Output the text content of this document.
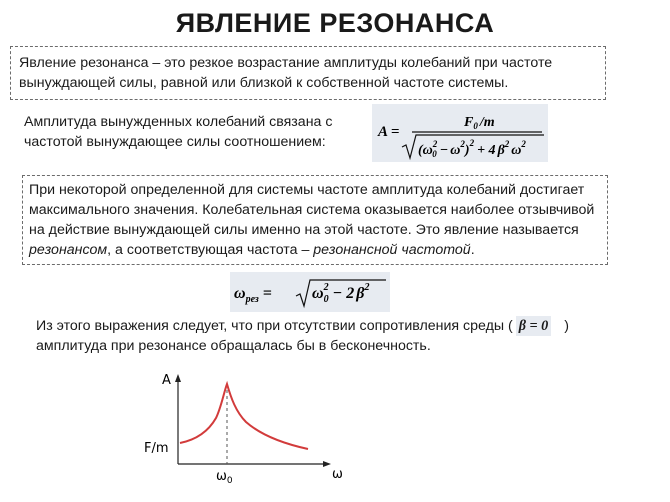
ЯВЛЕНИЕ РЕЗОНАНСА
Явление резонанса – это резкое возрастание амплитуды колебаний при частоте вынуждающей силы, равной или близкой к собственной частоте системы.
Амплитуда вынужденных колебаний связана с частотой вынуждающее силы соотношением:
A =
$F_0$ /m
($\omega^2$ $0 - \omega^2)^2 + 4$ $\beta^2$ $\omega^2$
При некоторой определенной для системы частоте амплитуда колебаний достигает максимального значения. Колебательная система оказывается наиболее отзывчивой на действие вынуждающей силы именно на этой частоте. Это явление называется резонансом, а соответствующая частота – резонансной частотой.
$\omega_{рез}$ =	$\omega^2$ 0 − 2 $\beta^2$
Из этого выражения следует, что при отсутствии сопротивления среды ( β = 0 )
амплитуда при резонансе обращалась бы в бесконечность.
A
F/m
$\omega_0$	ω
